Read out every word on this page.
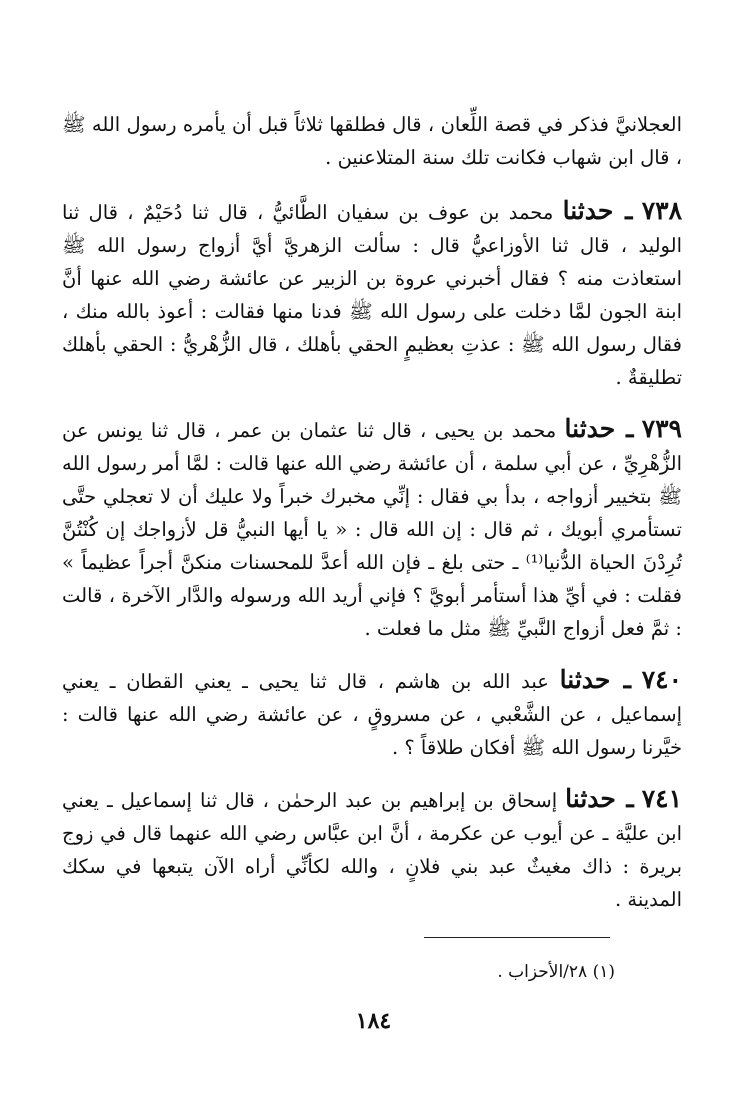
العجلانيَّ فذكر في قصة اللِّعان ، قال فطلقها ثلاثاً قبل أن يأمره رسول الله ﷺ ، قال ابن شهاب فكانت تلك سنة المتلاعنين .

٧٣٨ ـ حدثنا محمد بن عوف بن سفيان الطَّائيُّ ، قال ثنا دُحَيْمٌ ، قال ثنا الوليد ، قال ثنا الأوزاعيُّ قال : سألت الزهريَّ أيَّ أزواج رسول الله ﷺ استعاذت منه ؟ فقال أخبرني عروة بن الزبير عن عائشة رضي الله عنها أنَّ ابنة الجون لمَّا دخلت على رسول الله ﷺ فدنا منها فقالت : أعوذ بالله منك ، فقال رسول الله ﷺ : عذتِ بعظيمٍ الحقي بأهلك ، قال الزُّهْريُّ : الحقي بأهلك تطليقةٌ .

٧٣٩ ـ حدثنا محمد بن يحيى ، قال ثنا عثمان بن عمر ، قال ثنا يونس عن الزُّهْرِيِّ ، عن أبي سلمة ، أن عائشة رضي الله عنها قالت : لمَّا أمر رسول الله ﷺ بتخيير أزواجه ، بدأ بي فقال : إنِّي مخبرك خبراً ولا عليك أن لا تعجلي حتَّى تستأمري أبويك ، ثم قال : إن الله قال : « يا أيها النبيُّ قل لأزواجك إن كُنْتُنَّ تُرِدْنَ الحياة الدُّنيا⁽¹⁾ ـ حتى بلغ ـ فإن الله أعدَّ للمحسنات منكنَّ أجراً عظيماً » فقلت : في أيِّ هذا أستأمر أبويَّ ؟ فإني أريد الله ورسوله والدَّار الآخرة ، قالت : ثمَّ فعل أزواج النَّبيِّ ﷺ مثل ما فعلت .

٧٤٠ ـ حدثنا عبد الله بن هاشم ، قال ثنا يحيى ـ يعني القطان ـ يعني إسماعيل ، عن الشَّعْبي ، عن مسروقٍ ، عن عائشة رضي الله عنها قالت : خيَّرنا رسول الله ﷺ أفكان طلاقاً ؟ .

٧٤١ ـ حدثنا إسحاق بن إبراهيم بن عبد الرحمٰن ، قال ثنا إسماعيل ـ يعني ابن عليَّة ـ عن أيوب عن عكرمة ، أنَّ ابن عبَّاس رضي الله عنهما قال في زوج بريرة : ذاك مغيثٌ عبد بني فلانٍ ، والله لكأنِّي أراه الآن يتبعها في سكك المدينة .

(١) ٢٨/الأحزاب .
١٨٤
